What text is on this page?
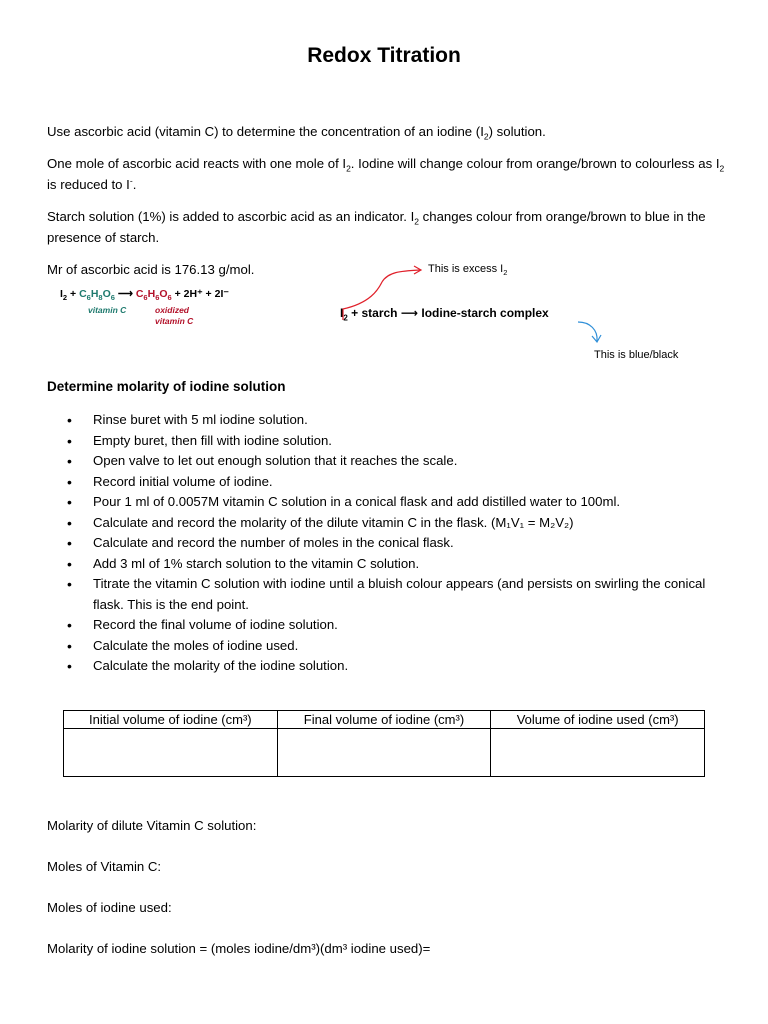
Redox Titration
Use ascorbic acid (vitamin C) to determine the concentration of an iodine $(I_2)$ solution.
One mole of ascorbic acid reacts with one mole of $I_2$. Iodine will change colour from orange/brown to colourless as $I_2$ is reduced to I-.
Starch solution (1%) is added to ascorbic acid as an indicator. $I_2$ changes colour from orange/brown to blue in the presence of starch.
Mr of ascorbic acid is 176.13 g/mol.
$I_2 + C_6H_8O_6$ ⟶ $C_6H_6O_6 + 2H^+ + 2I^-$
vitamin C	oxidized
vitamin C
$I_2$ + starch ⟶ Iodine-starch complex
This is excess $I_2$
This is blue/black
Determine molarity of iodine solution
• Rinse buret with 5 ml iodine solution.
• Empty buret, then fill with iodine solution.
• Open valve to let out enough solution that it reaches the scale.
• Record initial volume of iodine.
• Pour 1 ml of 0.0057M vitamin C solution in a conical flask and add distilled water to 100ml.
• Calculate and record the molarity of the dilute vitamin C in the flask. (M₁V₁ = M₂V₂)
• Calculate and record the number of moles in the conical flask.
• Add 3 ml of 1% starch solution to the vitamin C solution.
• Titrate the vitamin C solution with iodine until a bluish colour appears (and persists on swirling the conical flask. This is the end point.
• Record the final volume of iodine solution.
• Calculate the moles of iodine used.
• Calculate the molarity of the iodine solution.
Initial volume of iodine (cm³)	Final volume of iodine (cm³)	Volume of iodine used (cm³)

Molarity of dilute Vitamin C solution:
Moles of Vitamin C:
Moles of iodine used:
Molarity of iodine solution = (moles iodine/dm³)(dm³ iodine used)=
